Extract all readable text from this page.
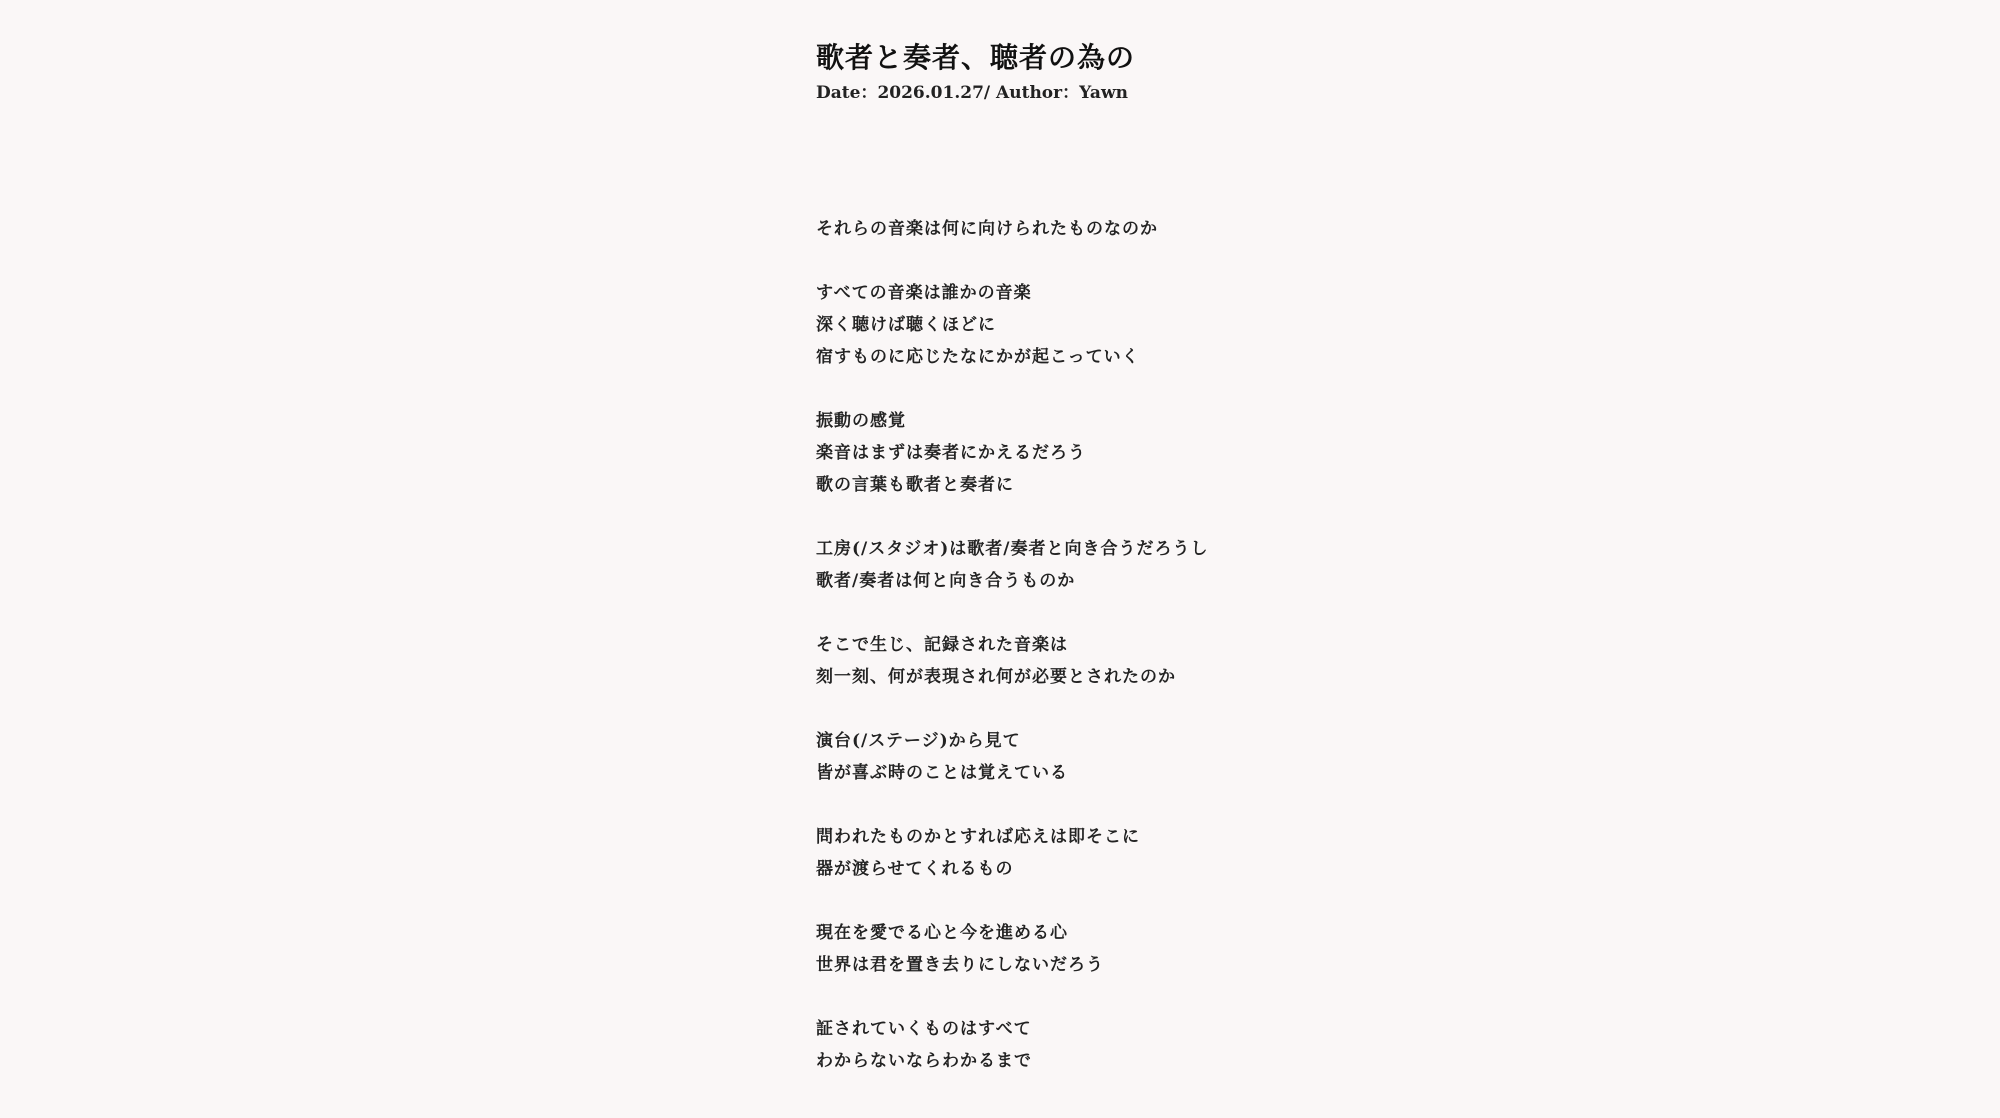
歌者と奏者、聴者の為の
Date：2026.01.27/ Author：Yawn
それらの音楽は何に向けられたものなのか
すべての音楽は誰かの音楽
深く聴けば聴くほどに
宿すものに応じたなにかが起こっていく
振動の感覚
楽音はまずは奏者にかえるだろう
歌の言葉も歌者と奏者に
工房(/スタジオ)は歌者/奏者と向き合うだろうし
歌者/奏者は何と向き合うものか
そこで生じ、記録された音楽は
刻一刻、何が表現され何が必要とされたのか
演台(/ステージ)から見て
皆が喜ぶ時のことは覚えている
問われたものかとすれば応えは即そこに
器が渡らせてくれるもの
現在を愛でる心と今を進める心
世界は君を置き去りにしないだろう
証されていくものはすべて
わからないならわかるまで
